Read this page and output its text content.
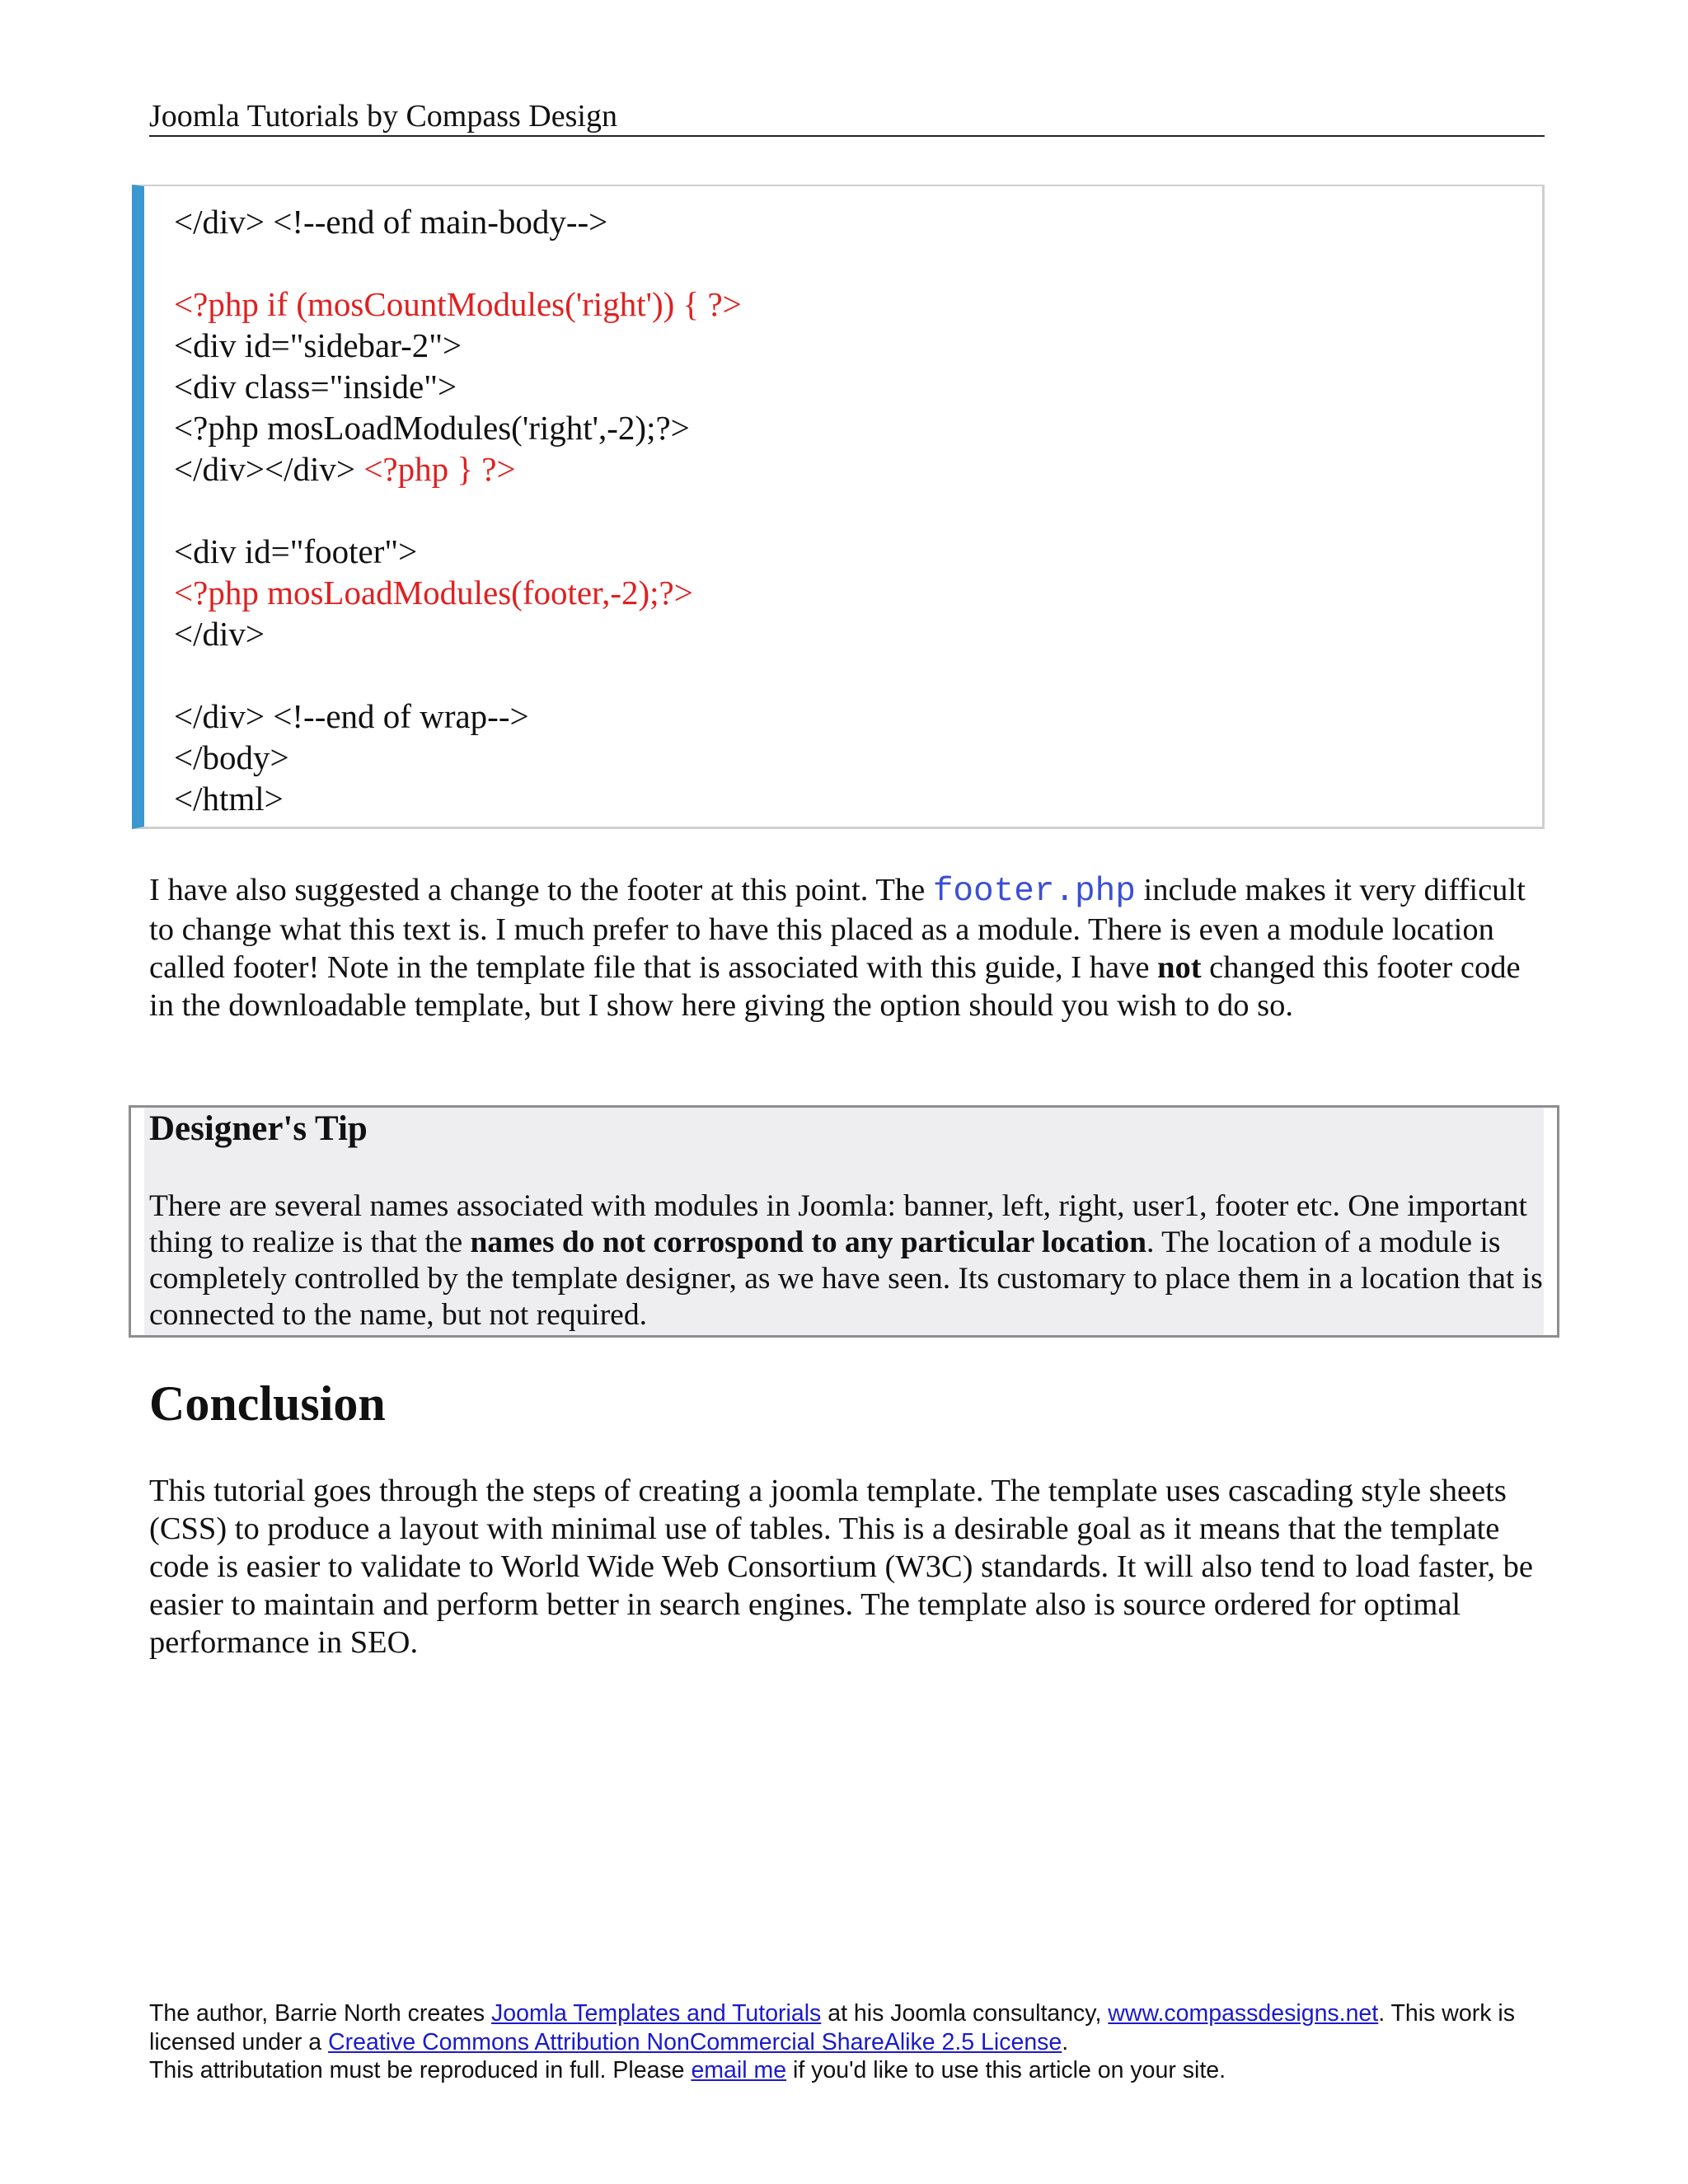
Joomla Tutorials by Compass Design
</div> <!--end of main-body-->
<?php if (mosCountModules('right')) { ?>
<div id="sidebar-2">
<div class="inside">
<?php mosLoadModules('right',-2);?>
</div></div> <?php } ?>
<div id="footer">
<?php mosLoadModules(footer,-2);?>
</div>
</div> <!--end of wrap-->
</body>
</html>

I have also suggested a change to the footer at this point. The footer.php include makes it very difficult to change what this text is. I much prefer to have this placed as a module. There is even a module location called footer! Note in the template file that is associated with this guide, I have not changed this footer code in the downloadable template, but I show here giving the option should you wish to do so.

Designer's Tip

There are several names associated with modules in Joomla: banner, left, right, user1, footer etc. One important thing to realize is that the names do not corrospond to any particular location. The location of a module is completely controlled by the template designer, as we have seen. Its customary to place them in a location that is connected to the name, but not required.

Conclusion

This tutorial goes through the steps of creating a joomla template. The template uses cascading style sheets (CSS) to produce a layout with minimal use of tables. This is a desirable goal as it means that the template code is easier to validate to World Wide Web Consortium (W3C) standards. It will also tend to load faster, be easier to maintain and perform better in search engines. The template also is source ordered for optimal performance in SEO.

The author, Barrie North creates Joomla Templates and Tutorials at his Joomla consultancy, www.compassdesigns.net. This work is licensed under a Creative Commons Attribution NonCommercial ShareAlike 2.5 License.
This attributation must be reproduced in full. Please email me if you'd like to use this article on your site.
